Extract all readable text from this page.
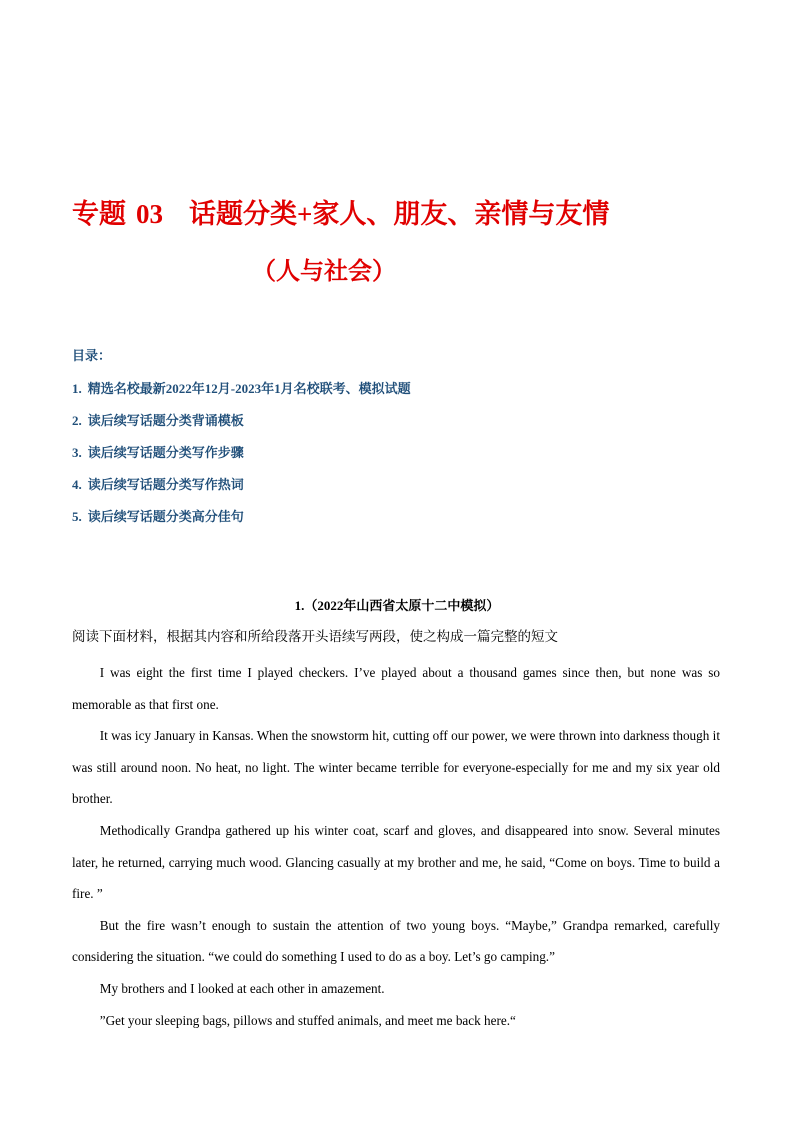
专题 03 话题分类+家人、朋友、亲情与友情
（人与社会）

目录：

1. 精选名校最新2022年12月-2023年1月名校联考、模拟试题

2. 读后续写话题分类背诵模板

3. 读后续写话题分类写作步骤

4. 读后续写话题分类写作热词

5. 读后续写话题分类高分佳句

1.（2022年山西省太原十二中模拟）

阅读下面材料，根据其内容和所给段落开头语续写两段，使之构成一篇完整的短文

I was eight the first time I played checkers. I’ve played about a thousand games since then, but none was so memorable as that first one.

It was icy January in Kansas. When the snowstorm hit, cutting off our power, we were thrown into darkness though it was still around noon. No heat, no light. The winter became terrible for everyone-especially for me and my six year old brother.

Methodically Grandpa gathered up his winter coat, scarf and gloves, and disappeared into snow. Several minutes later, he returned, carrying much wood. Glancing casually at my brother and me, he said, “Come on boys. Time to build a fire. ”

But the fire wasn’t enough to sustain the attention of two young boys. “Maybe,” Grandpa remarked, carefully considering the situation. “we could do something I used to do as a boy. Let’s go camping.”

My brothers and I looked at each other in amazement.

”Get your sleeping bags, pillows and stuffed animals, and meet me back here.“
